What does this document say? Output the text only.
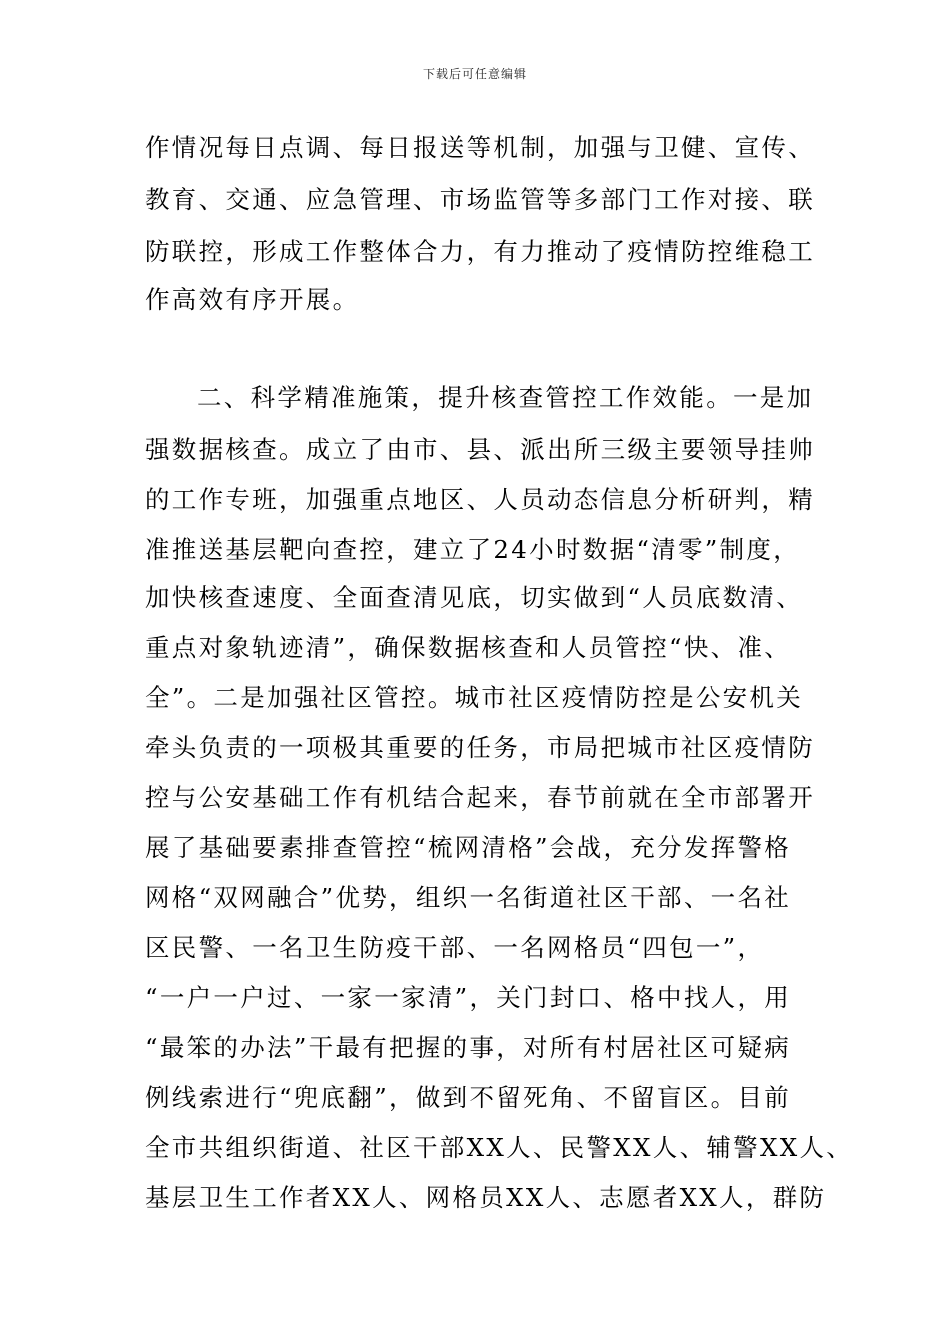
下载后可任意编辑
作情况每日点调、每日报送等机制，加强与卫健、宣传、
教育、交通、应急管理、市场监管等多部门工作对接、联
防联控，形成工作整体合力，有力推动了疫情防控维稳工
作高效有序开展。
二、科学精准施策，提升核查管控工作效能。一是加
强数据核查。成立了由市、县、派出所三级主要领导挂帅
的工作专班，加强重点地区、人员动态信息分析研判，精
准推送基层靶向查控，建立了24小时数据“清零”制度，
加快核查速度、全面查清见底，切实做到“人员底数清、
重点对象轨迹清”，确保数据核查和人员管控“快、准、
全”。二是加强社区管控。城市社区疫情防控是公安机关
牵头负责的一项极其重要的任务，市局把城市社区疫情防
控与公安基础工作有机结合起来，春节前就在全市部署开
展了基础要素排查管控“梳网清格”会战，充分发挥警格
网格“双网融合”优势，组织一名街道社区干部、一名社
区民警、一名卫生防疫干部、一名网格员“四包一”，
“一户一户过、一家一家清”，关门封口、格中找人，用
“最笨的办法”干最有把握的事，对所有村居社区可疑病
例线索进行“兜底翻”，做到不留死角、不留盲区。目前
全市共组织街道、社区干部XX人、民警XX人、辅警XX人、
基层卫生工作者XX人、网格员XX人、志愿者XX人，群防
